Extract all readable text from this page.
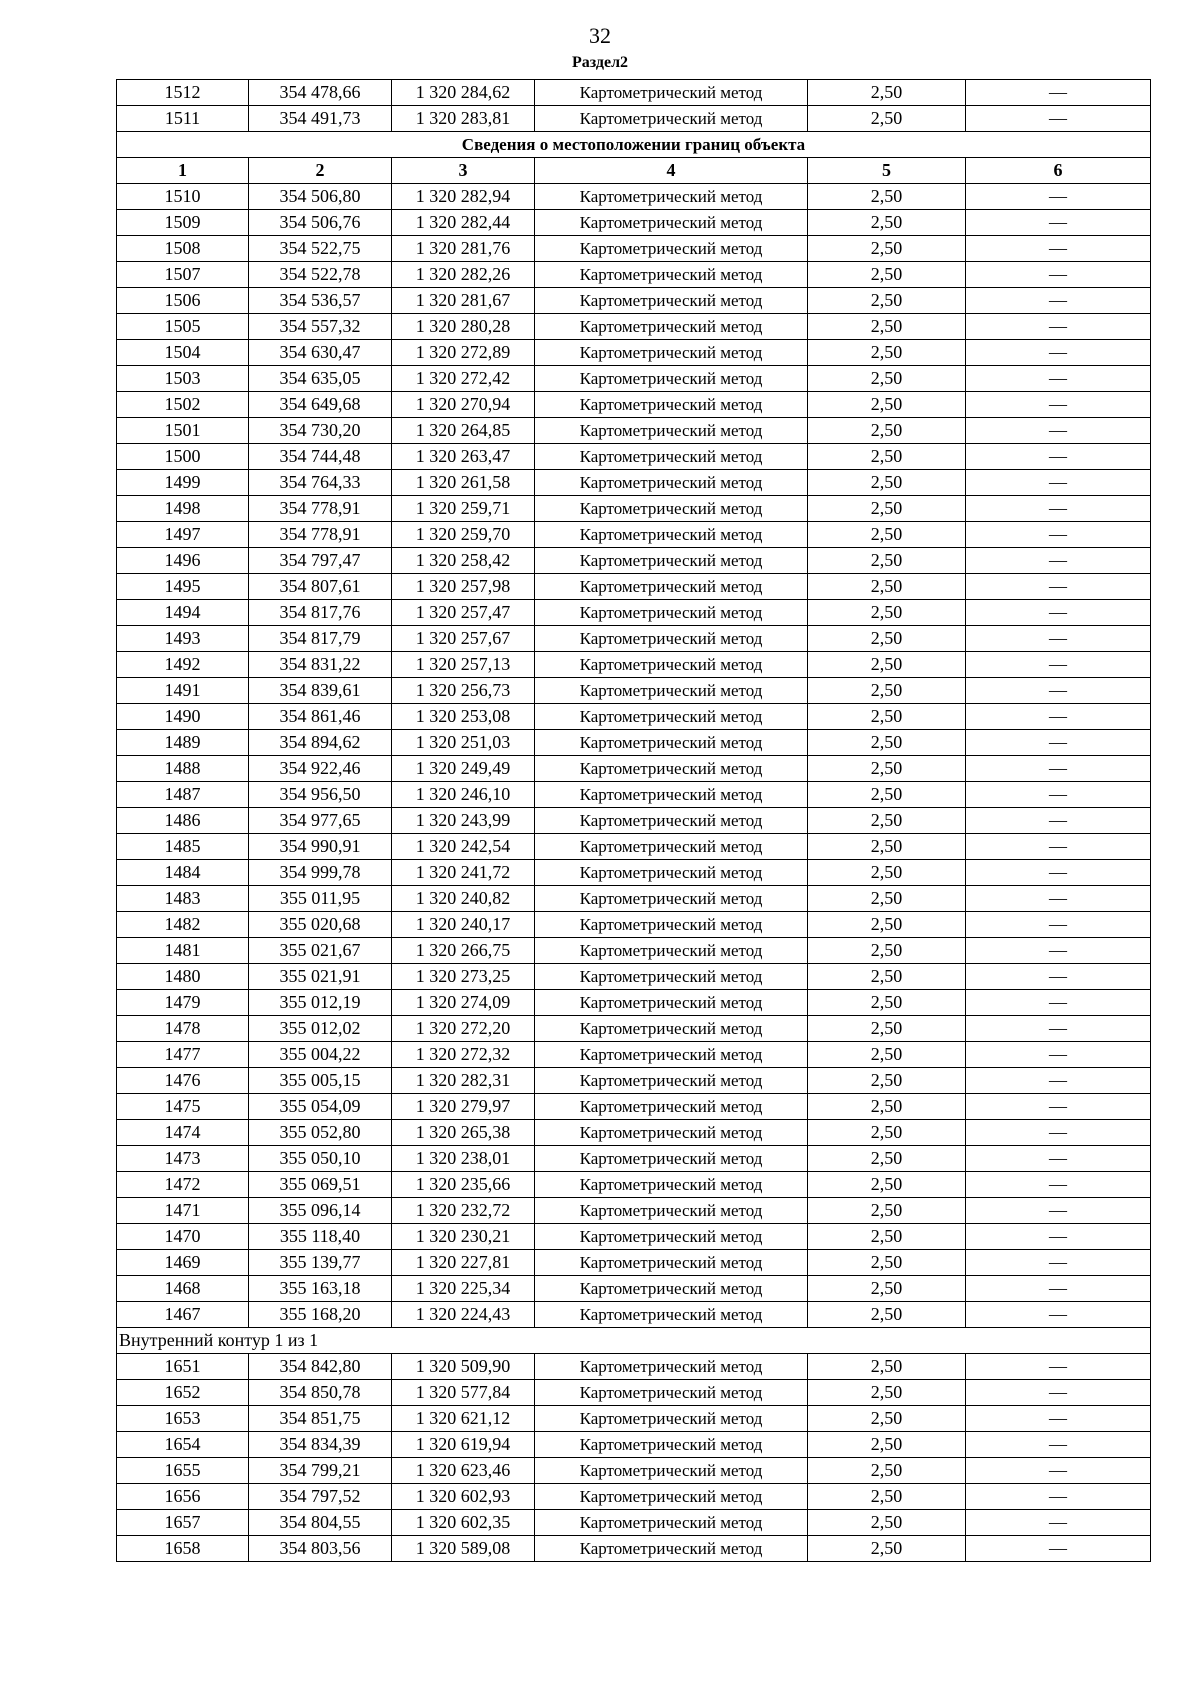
32
Раздел2
1512	354 478,66	1 320 284,62	Картометрический метод	2,50	—
1511	354 491,73	1 320 283,81	Картометрический метод	2,50	—
Сведения о местоположении границ объекта					
1	2	3	4	5	6
1510	354 506,80	1 320 282,94	Картометрический метод	2,50	—
1509	354 506,76	1 320 282,44	Картометрический метод	2,50	—
1508	354 522,75	1 320 281,76	Картометрический метод	2,50	—
1507	354 522,78	1 320 282,26	Картометрический метод	2,50	—
1506	354 536,57	1 320 281,67	Картометрический метод	2,50	—
1505	354 557,32	1 320 280,28	Картометрический метод	2,50	—
1504	354 630,47	1 320 272,89	Картометрический метод	2,50	—
1503	354 635,05	1 320 272,42	Картометрический метод	2,50	—
1502	354 649,68	1 320 270,94	Картометрический метод	2,50	—
1501	354 730,20	1 320 264,85	Картометрический метод	2,50	—
1500	354 744,48	1 320 263,47	Картометрический метод	2,50	—
1499	354 764,33	1 320 261,58	Картометрический метод	2,50	—
1498	354 778,91	1 320 259,71	Картометрический метод	2,50	—
1497	354 778,91	1 320 259,70	Картометрический метод	2,50	—
1496	354 797,47	1 320 258,42	Картометрический метод	2,50	—
1495	354 807,61	1 320 257,98	Картометрический метод	2,50	—
1494	354 817,76	1 320 257,47	Картометрический метод	2,50	—
1493	354 817,79	1 320 257,67	Картометрический метод	2,50	—
1492	354 831,22	1 320 257,13	Картометрический метод	2,50	—
1491	354 839,61	1 320 256,73	Картометрический метод	2,50	—
1490	354 861,46	1 320 253,08	Картометрический метод	2,50	—
1489	354 894,62	1 320 251,03	Картометрический метод	2,50	—
1488	354 922,46	1 320 249,49	Картометрический метод	2,50	—
1487	354 956,50	1 320 246,10	Картометрический метод	2,50	—
1486	354 977,65	1 320 243,99	Картометрический метод	2,50	—
1485	354 990,91	1 320 242,54	Картометрический метод	2,50	—
1484	354 999,78	1 320 241,72	Картометрический метод	2,50	—
1483	355 011,95	1 320 240,82	Картометрический метод	2,50	—
1482	355 020,68	1 320 240,17	Картометрический метод	2,50	—
1481	355 021,67	1 320 266,75	Картометрический метод	2,50	—
1480	355 021,91	1 320 273,25	Картометрический метод	2,50	—
1479	355 012,19	1 320 274,09	Картометрический метод	2,50	—
1478	355 012,02	1 320 272,20	Картометрический метод	2,50	—
1477	355 004,22	1 320 272,32	Картометрический метод	2,50	—
1476	355 005,15	1 320 282,31	Картометрический метод	2,50	—
1475	355 054,09	1 320 279,97	Картометрический метод	2,50	—
1474	355 052,80	1 320 265,38	Картометрический метод	2,50	—
1473	355 050,10	1 320 238,01	Картометрический метод	2,50	—
1472	355 069,51	1 320 235,66	Картометрический метод	2,50	—
1471	355 096,14	1 320 232,72	Картометрический метод	2,50	—
1470	355 118,40	1 320 230,21	Картометрический метод	2,50	—
1469	355 139,77	1 320 227,81	Картометрический метод	2,50	—
1468	355 163,18	1 320 225,34	Картометрический метод	2,50	—
1467	355 168,20	1 320 224,43	Картометрический метод	2,50	—
Внутренний контур 1 из 1					
1651	354 842,80	1 320 509,90	Картометрический метод	2,50	—
1652	354 850,78	1 320 577,84	Картометрический метод	2,50	—
1653	354 851,75	1 320 621,12	Картометрический метод	2,50	—
1654	354 834,39	1 320 619,94	Картометрический метод	2,50	—
1655	354 799,21	1 320 623,46	Картометрический метод	2,50	—
1656	354 797,52	1 320 602,93	Картометрический метод	2,50	—
1657	354 804,55	1 320 602,35	Картометрический метод	2,50	—
1658	354 803,56	1 320 589,08	Картометрический метод	2,50	—
